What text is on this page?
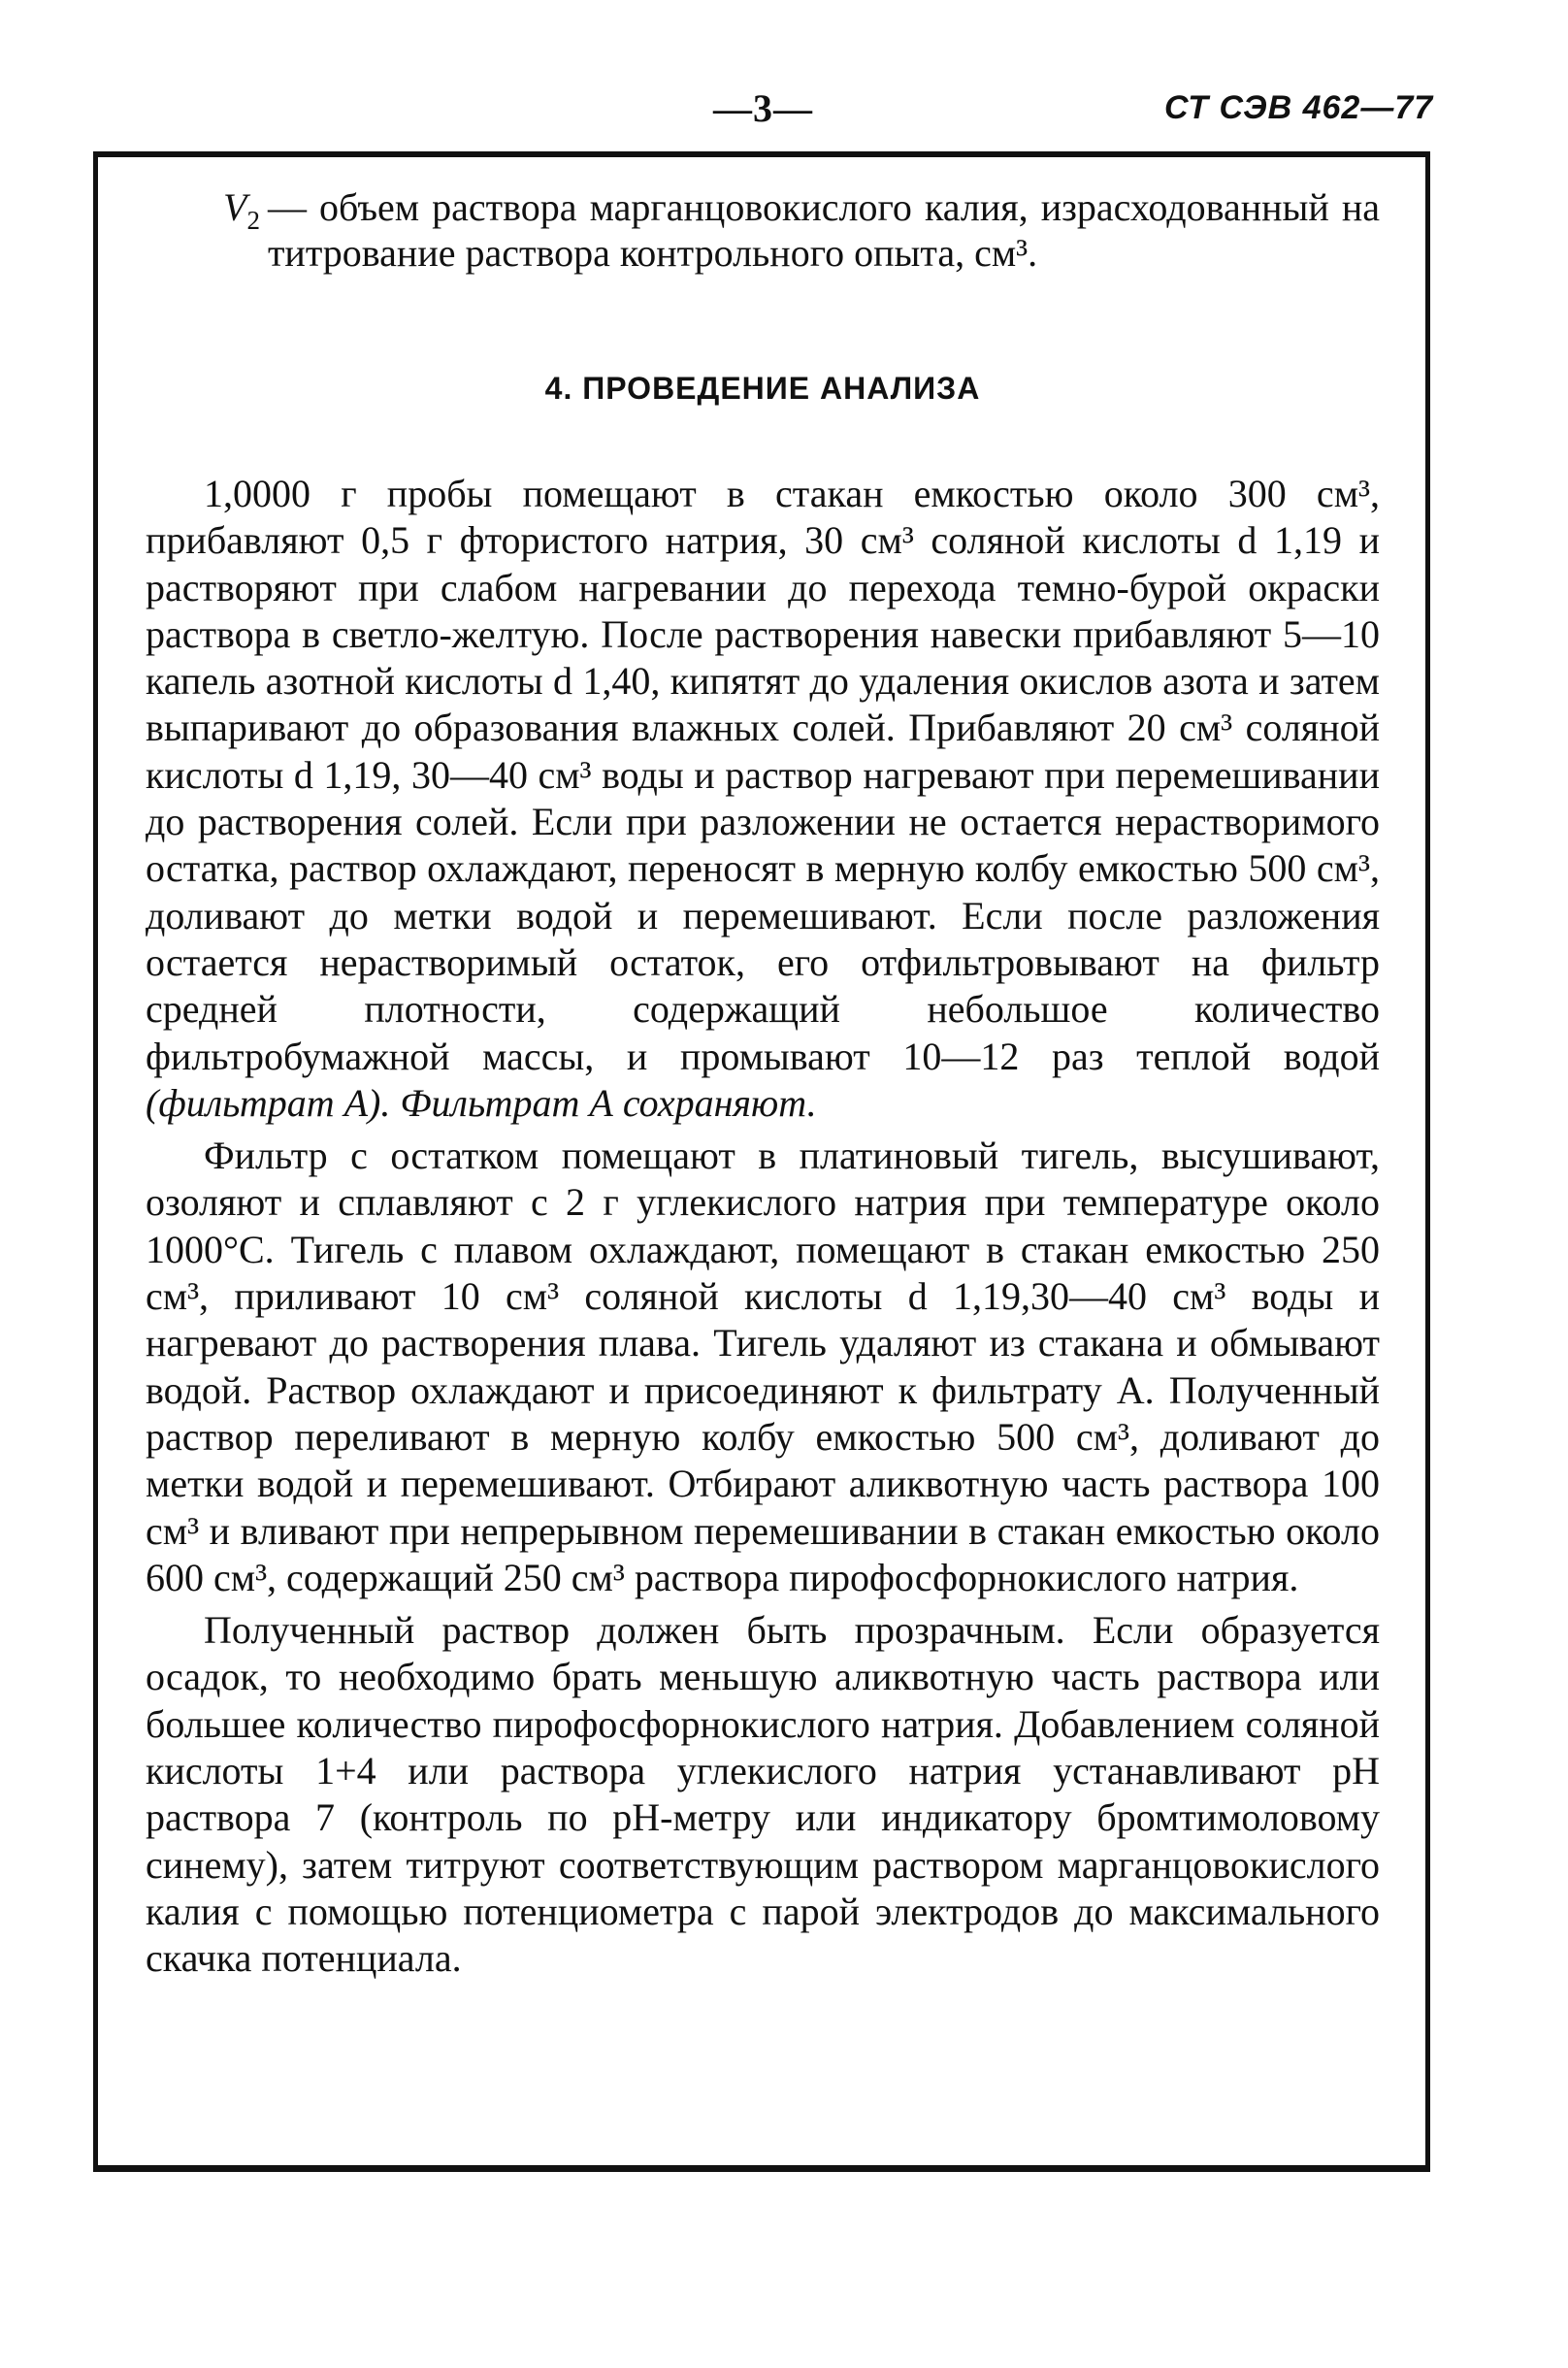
—3—	СТ СЭВ 462—77
$V_2$ — объем раствора марганцовокислого калия, израсходованный на титрование раствора контрольного опыта, см³.
4. ПРОВЕДЕНИЕ АНАЛИЗА

1,0000 г пробы помещают в стакан емкостью около 300 см³, прибавляют 0,5 г фтористого натрия, 30 см³ соляной кислоты d 1,19 и растворяют при слабом нагревании до перехода темно-бурой окраски раствора в светло-желтую. После растворения навески прибавляют 5—10 капель азотной кислоты d 1,40, кипятят до удаления окислов азота и затем выпаривают до образования влажных солей. Прибавляют 20 см³ соляной кислоты d 1,19, 30—40 см³ воды и раствор нагревают при перемешивании до растворения солей. Если при разложении не остается нерастворимого остатка, раствор охлаждают, переносят в мерную колбу емкостью 500 см³, доливают до метки водой и перемешивают. Если после разложения остается нерастворимый остаток, его отфильтровывают на фильтр средней плотности, содержащий небольшое количество фильтробумажной массы, и промывают 10—12 раз теплой водой (фильтрат А). Фильтрат А сохраняют.

Фильтр с остатком помещают в платиновый тигель, высушивают, озоляют и сплавляют с 2 г углекислого натрия при температуре около 1000°С. Тигель с плавом охлаждают, помещают в стакан емкостью 250 см³, приливают 10 см³ соляной кислоты d 1,19,30—40 см³ воды и нагревают до растворения плава. Тигель удаляют из стакана и обмывают водой. Раствор охлаждают и присоединяют к фильтрату А. Полученный раствор переливают в мерную колбу емкостью 500 см³, доливают до метки водой и перемешивают. Отбирают аликвотную часть раствора 100 см³ и вливают при непрерывном перемешивании в стакан емкостью около 600 см³, содержащий 250 см³ раствора пирофосфорнокислого натрия.

Полученный раствор должен быть прозрачным. Если образуется осадок, то необходимо брать меньшую аликвотную часть раствора или большее количество пирофосфорнокислого натрия. Добавлением соляной кислоты 1+4 или раствора углекислого натрия устанавливают pH раствора 7 (контроль по pH-метру или индикатору бромтимоловому синему), затем титруют соответствующим раствором марганцовокислого калия с помощью потенциометра с парой электродов до максимального скачка потенциала.
